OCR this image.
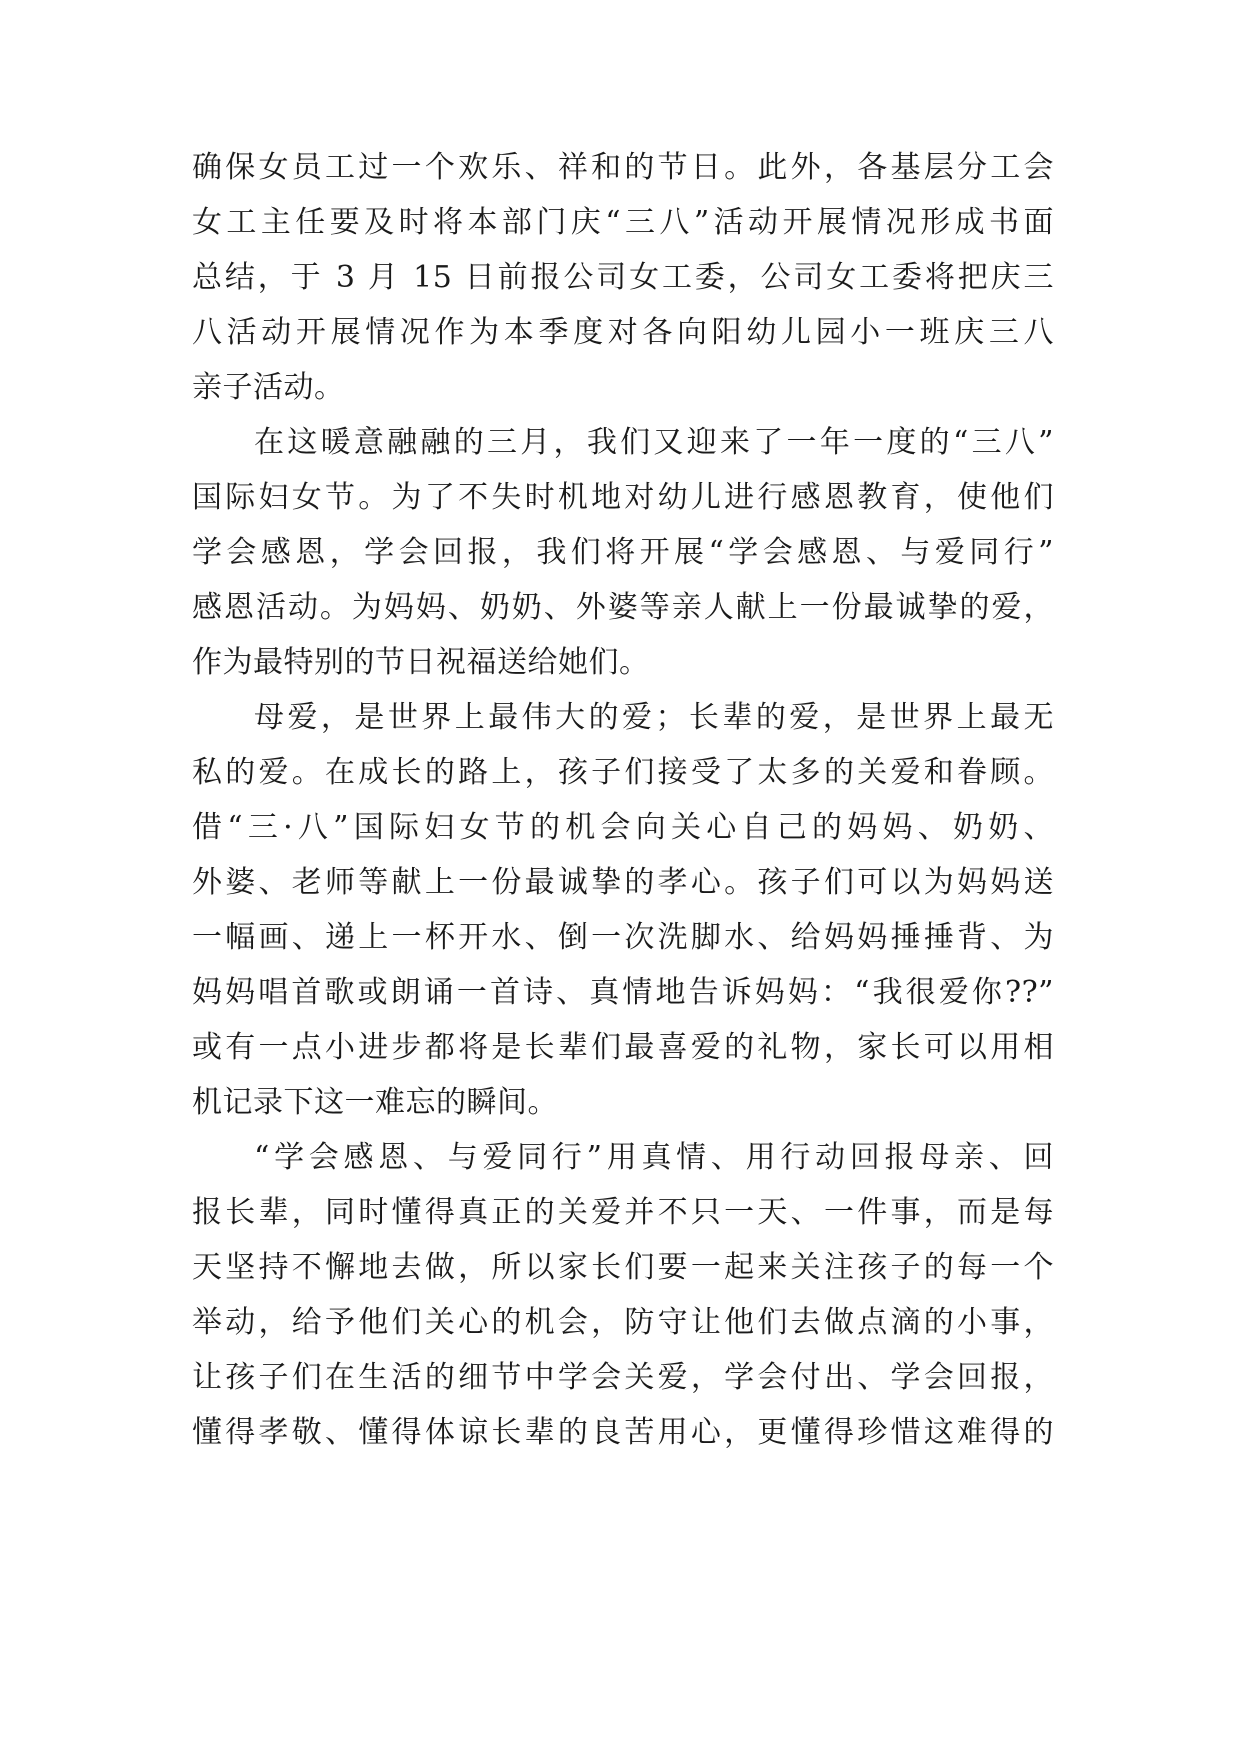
确保女员工过一个欢乐、祥和的节日。此外，各基层分工会
女工主任要及时将本部门庆“三八”活动开展情况形成书面
总结，于 3 月 15 日前报公司女工委，公司女工委将把庆三
八活动开展情况作为本季度对各向阳幼儿园小一班庆三八
亲子活动。
在这暖意融融的三月，我们又迎来了一年一度的“三八”
国际妇女节。为了不失时机地对幼儿进行感恩教育，使他们
学会感恩，学会回报，我们将开展“学会感恩、与爱同行”
感恩活动。为妈妈、奶奶、外婆等亲人献上一份最诚挚的爱，
作为最特别的节日祝福送给她们。
母爱，是世界上最伟大的爱；长辈的爱，是世界上最无
私的爱。在成长的路上，孩子们接受了太多的关爱和眷顾。
借“三·八”国际妇女节的机会向关心自己的妈妈、奶奶、
外婆、老师等献上一份最诚挚的孝心。孩子们可以为妈妈送
一幅画、递上一杯开水、倒一次洗脚水、给妈妈捶捶背、为
妈妈唱首歌或朗诵一首诗、真情地告诉妈妈：“我很爱你??”
或有一点小进步都将是长辈们最喜爱的礼物，家长可以用相
机记录下这一难忘的瞬间。
“学会感恩、与爱同行”用真情、用行动回报母亲、回
报长辈，同时懂得真正的关爱并不只一天、一件事，而是每
天坚持不懈地去做，所以家长们要一起来关注孩子的每一个
举动，给予他们关心的机会，防守让他们去做点滴的小事，
让孩子们在生活的细节中学会关爱，学会付出、学会回报，
懂得孝敬、懂得体谅长辈的良苦用心，更懂得珍惜这难得的
